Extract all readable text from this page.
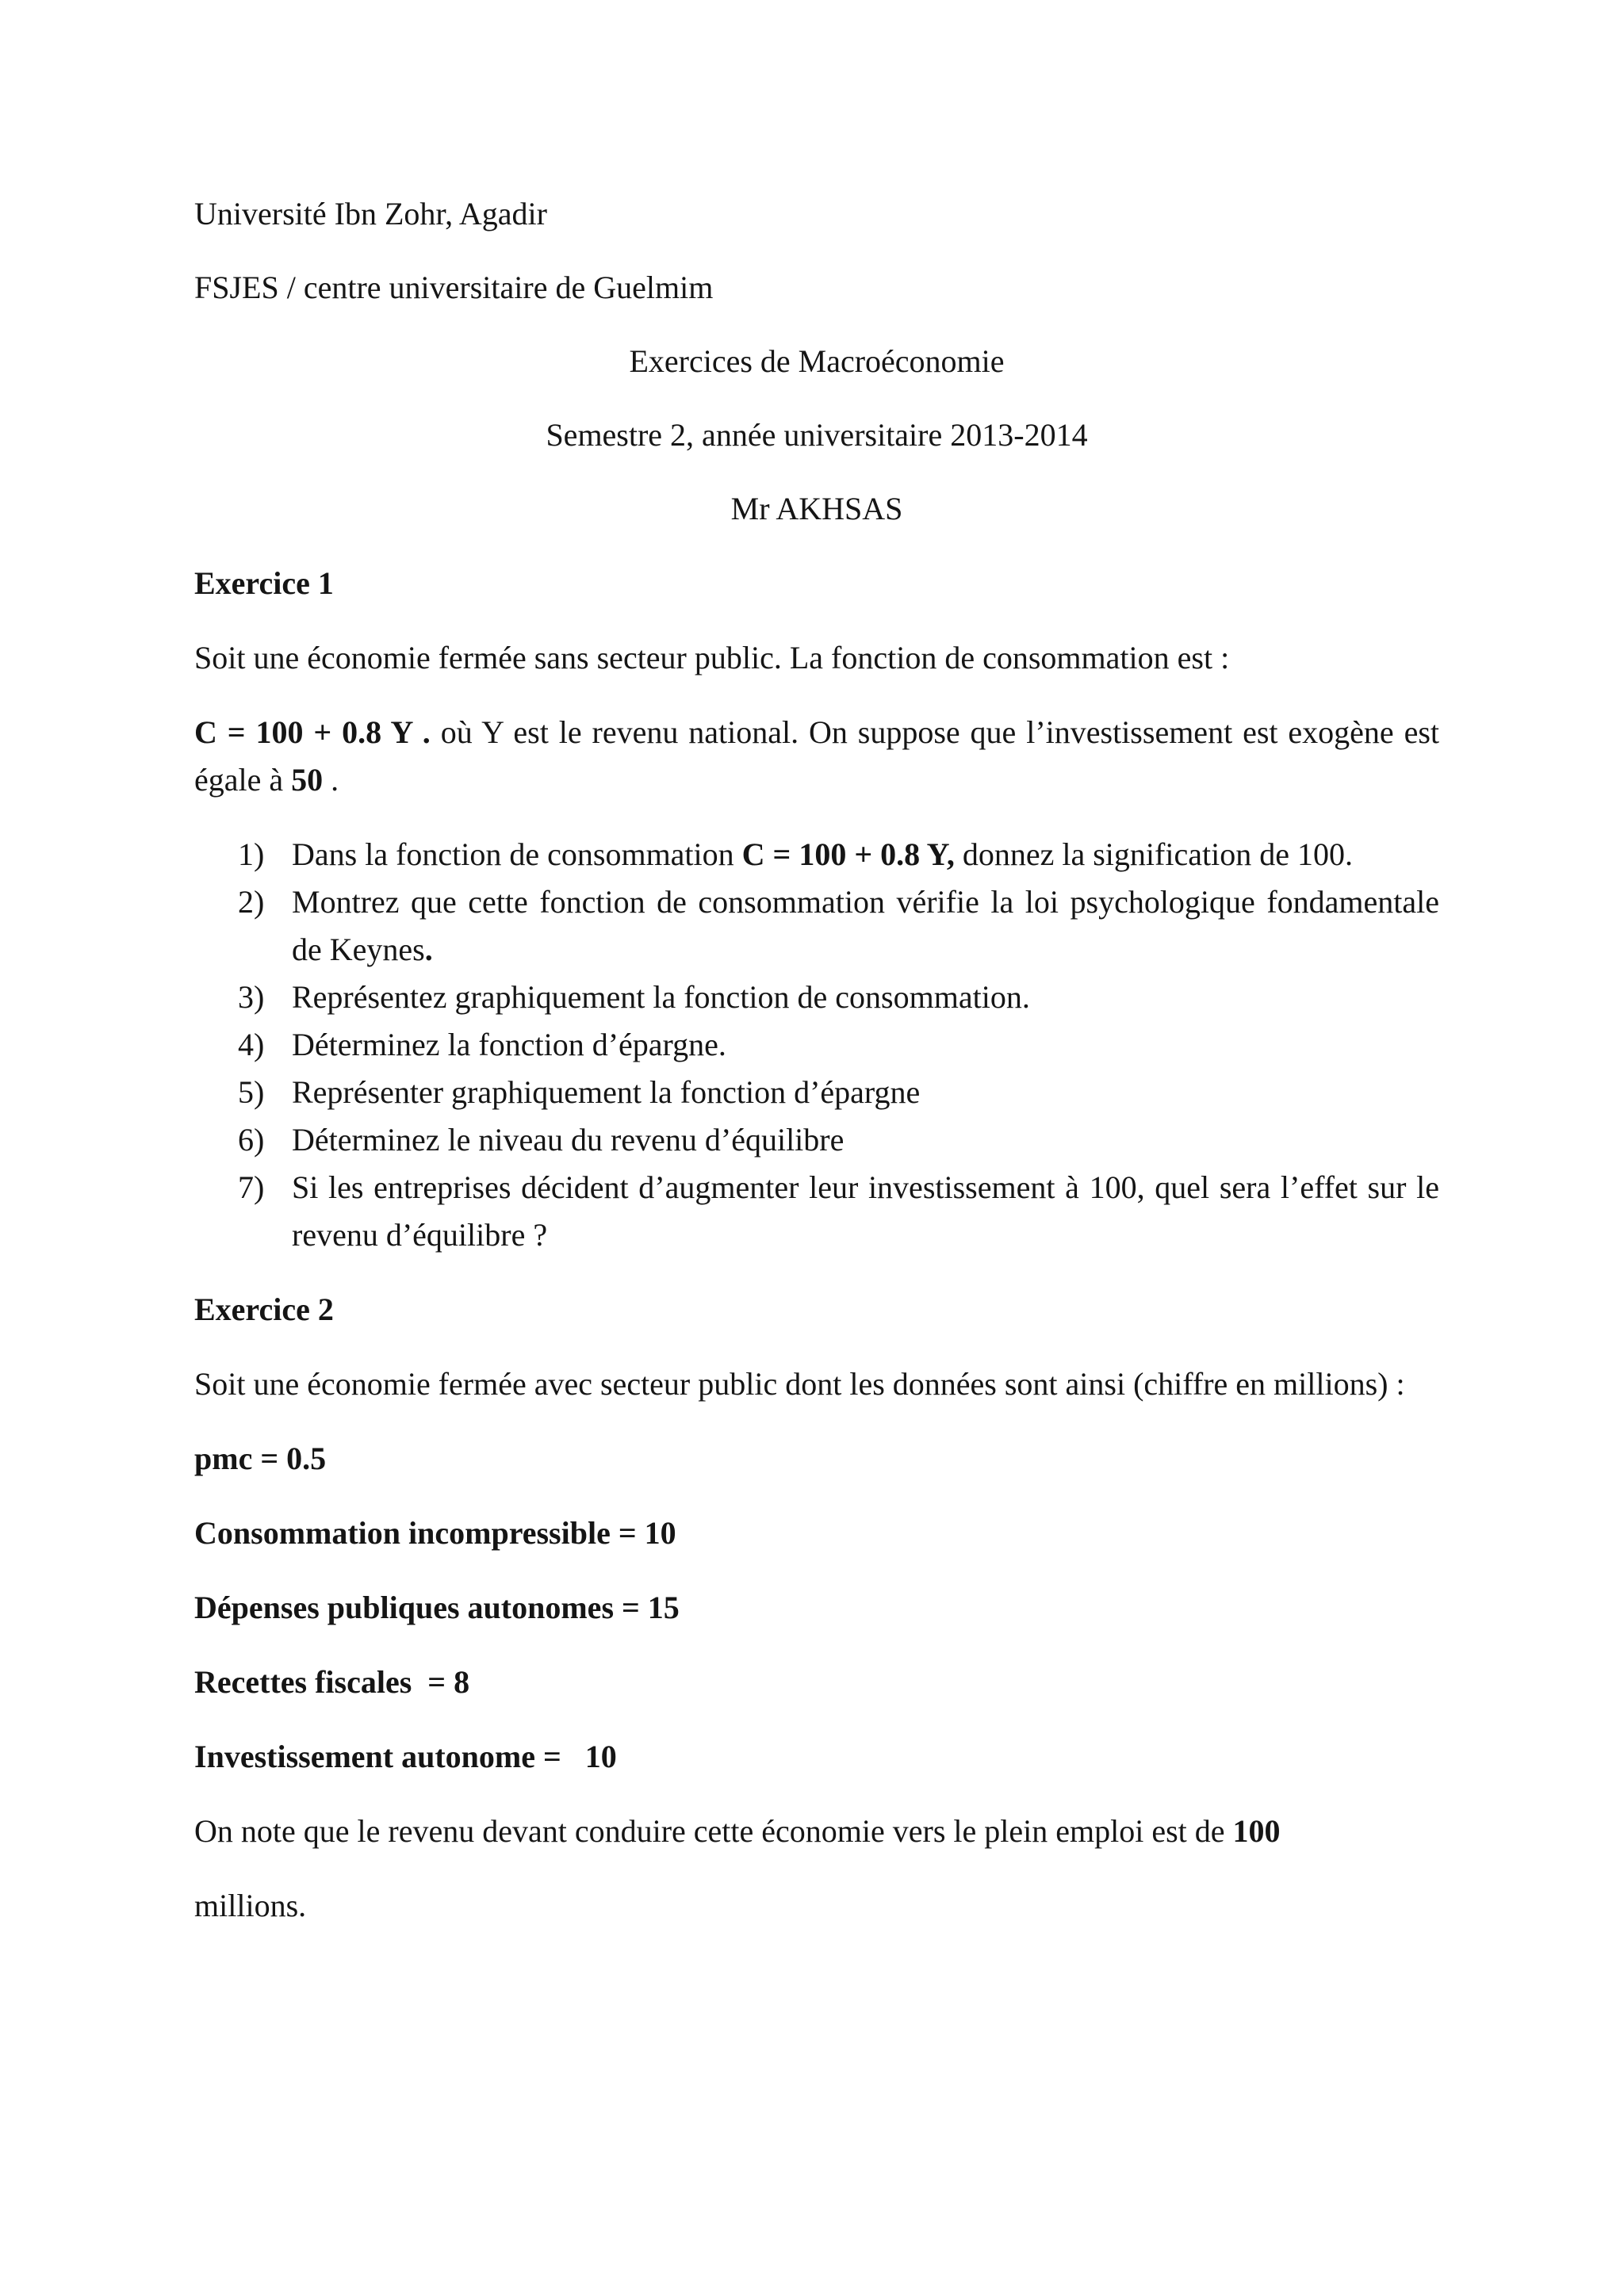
Université Ibn Zohr, Agadir

FSJES / centre universitaire de Guelmim

Exercices de Macroéconomie

Semestre 2, année universitaire 2013-2014

Mr AKHSAS

Exercice 1

Soit une économie fermée sans secteur public. La fonction de consommation est :

C = 100 + 0.8 Y . où Y est le revenu national. On suppose que l’investissement est exogène est égale à 50 .

1) Dans la fonction de consommation C = 100 + 0.8 Y, donnez la signification de 100.
2) Montrez que cette fonction de consommation vérifie la loi psychologique fondamentale de Keynes.
3) Représentez graphiquement la fonction de consommation.
4) Déterminez la fonction d’épargne.
5) Représenter graphiquement la fonction d’épargne
6) Déterminez le niveau du revenu d’équilibre
7) Si les entreprises décident d’augmenter leur investissement à 100, quel sera l’effet sur le revenu d’équilibre ?

Exercice 2

Soit une économie fermée avec secteur public dont les données sont ainsi (chiffre en millions) :

pmc = 0.5

Consommation incompressible = 10

Dépenses publiques autonomes = 15

Recettes fiscales  = 8

Investissement autonome =   10

On note que le revenu devant conduire cette économie vers le plein emploi est de 100

millions.
